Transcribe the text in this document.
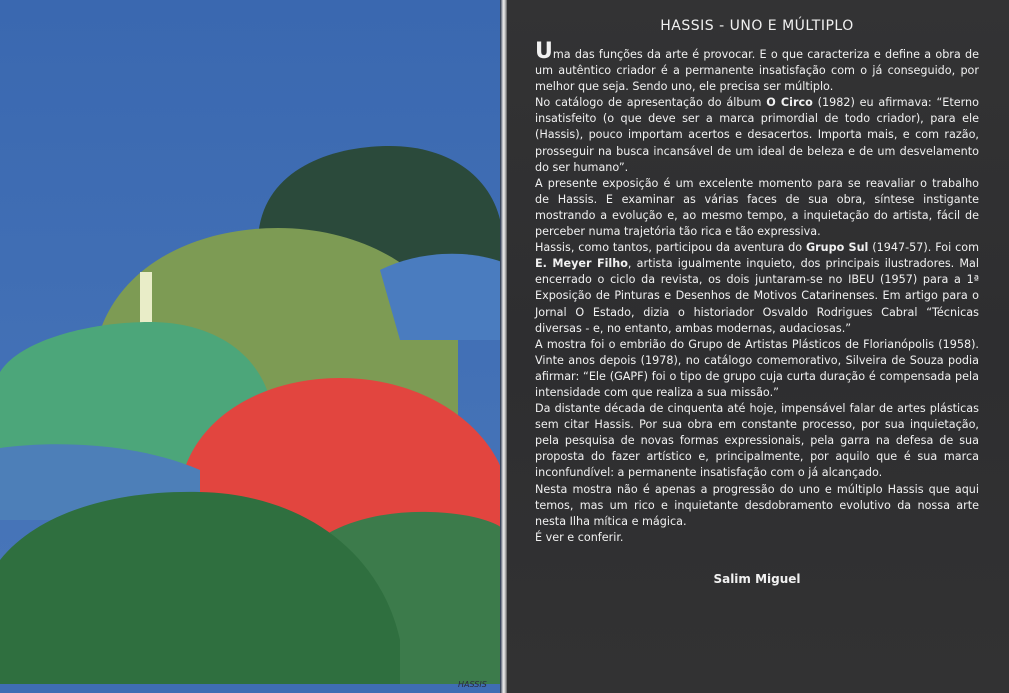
HASSIS
HASSIS - UNO E MÚLTIPLO

Uma das funções da arte é provocar. E o que caracteriza e define a obra de um autêntico criador é a permanente insatisfação com o já conseguido, por melhor que seja. Sendo uno, ele precisa ser múltiplo.

No catálogo de apresentação do álbum O Circo (1982) eu afirmava: “Eterno insatisfeito (o que deve ser a marca primordial de todo criador), para ele (Hassis), pouco importam acertos e desacertos. Importa mais, e com razão, prosseguir na busca incansável de um ideal de beleza e de um desvelamento do ser humano”.

A presente exposição é um excelente momento para se reavaliar o trabalho de Hassis. E examinar as várias faces de sua obra, síntese instigante mostrando a evolução e, ao mesmo tempo, a inquietação do artista, fácil de perceber numa trajetória tão rica e tão expressiva.

Hassis, como tantos, participou da aventura do Grupo Sul (1947-57). Foi com E. Meyer Filho, artista igualmente inquieto, dos principais ilustradores. Mal encerrado o ciclo da revista, os dois juntaram-se no IBEU (1957) para a 1ª Exposição de Pinturas e Desenhos de Motivos Catarinenses. Em artigo para o Jornal O Estado, dizia o historiador Osvaldo Rodrigues Cabral “Técnicas diversas - e, no entanto, ambas modernas, audaciosas.”

A mostra foi o embrião do Grupo de Artistas Plásticos de Florianópolis (1958). Vinte anos depois (1978), no catálogo comemorativo, Silveira de Souza podia afirmar: “Ele (GAPF) foi o tipo de grupo cuja curta duração é compensada pela intensidade com que realiza a sua missão.”

Da distante década de cinquenta até hoje, impensável falar de artes plásticas sem citar Hassis. Por sua obra em constante processo, por sua inquietação, pela pesquisa de novas formas expressionais, pela garra na defesa de sua proposta do fazer artístico e, principalmente, por aquilo que é sua marca inconfundível: a permanente insatisfação com o já alcançado.

Nesta mostra não é apenas a progressão do uno e múltiplo Hassis que aqui temos, mas um rico e inquietante desdobramento evolutivo da nossa arte nesta Ilha mítica e mágica.

É ver e conferir.

Salim Miguel
